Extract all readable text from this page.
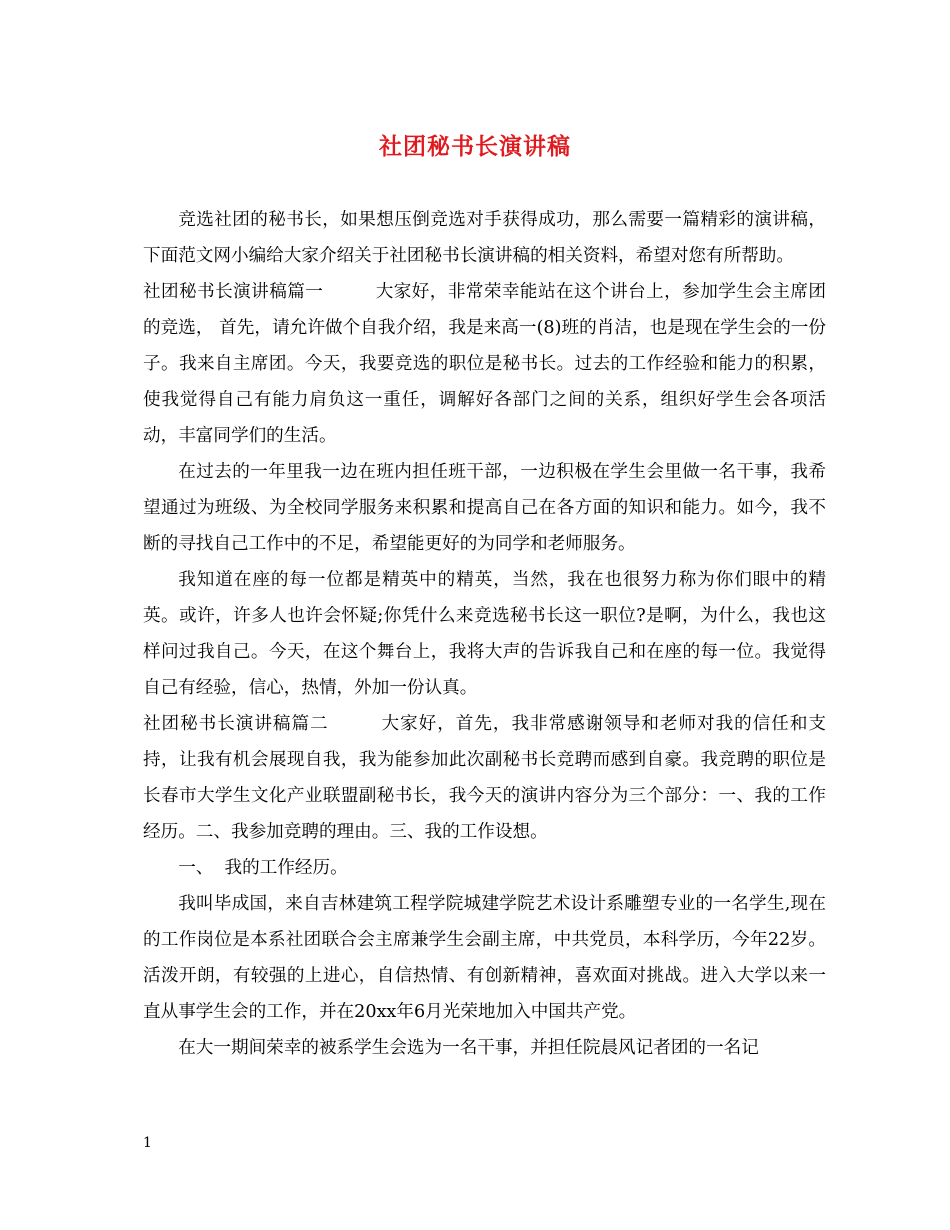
社团秘书长演讲稿

竞选社团的秘书长，如果想压倒竞选对手获得成功，那么需要一篇精彩的演讲稿，下面范文网小编给大家介绍关于社团秘书长演讲稿的相关资料，希望对您有所帮助。

社团秘书长演讲稿篇一	大家好，非常荣幸能站在这个讲台上，参加学生会主席团的竞选， 首先，请允许做个自我介绍，我是来高一(8)班的肖洁，也是现在学生会的一份子。我来自主席团。今天，我要竞选的职位是秘书长。过去的工作经验和能力的积累，使我觉得自己有能力肩负这一重任，调解好各部门之间的关系，组织好学生会各项活动，丰富同学们的生活。

在过去的一年里我一边在班内担任班干部，一边积极在学生会里做一名干事，我希望通过为班级、为全校同学服务来积累和提高自己在各方面的知识和能力。如今，我不断的寻找自己工作中的不足，希望能更好的为同学和老师服务。

我知道在座的每一位都是精英中的精英，当然，我在也很努力称为你们眼中的精英。或许，许多人也许会怀疑;你凭什么来竞选秘书长这一职位?是啊，为什么，我也这样问过我自己。今天，在这个舞台上，我将大声的告诉我自己和在座的每一位。我觉得自己有经验，信心，热情，外加一份认真。

社团秘书长演讲稿篇二	大家好，首先，我非常感谢领导和老师对我的信任和支持，让我有机会展现自我，我为能参加此次副秘书长竞聘而感到自豪。我竞聘的职位是长春市大学生文化产业联盟副秘书长，我今天的演讲内容分为三个部分：一、我的工作经历。二、我参加竞聘的理由。三、我的工作设想。

一、  我的工作经历。

我叫毕成国，来自吉林建筑工程学院城建学院艺术设计系雕塑专业的一名学生,现在的工作岗位是本系社团联合会主席兼学生会副主席，中共党员，本科学历，今年22岁。活泼开朗，有较强的上进心，自信热情、有创新精神，喜欢面对挑战。进入大学以来一直从事学生会的工作，并在20xx年6月光荣地加入中国共产党。

在大一期间荣幸的被系学生会选为一名干事，并担任院晨风记者团的一名记

1
